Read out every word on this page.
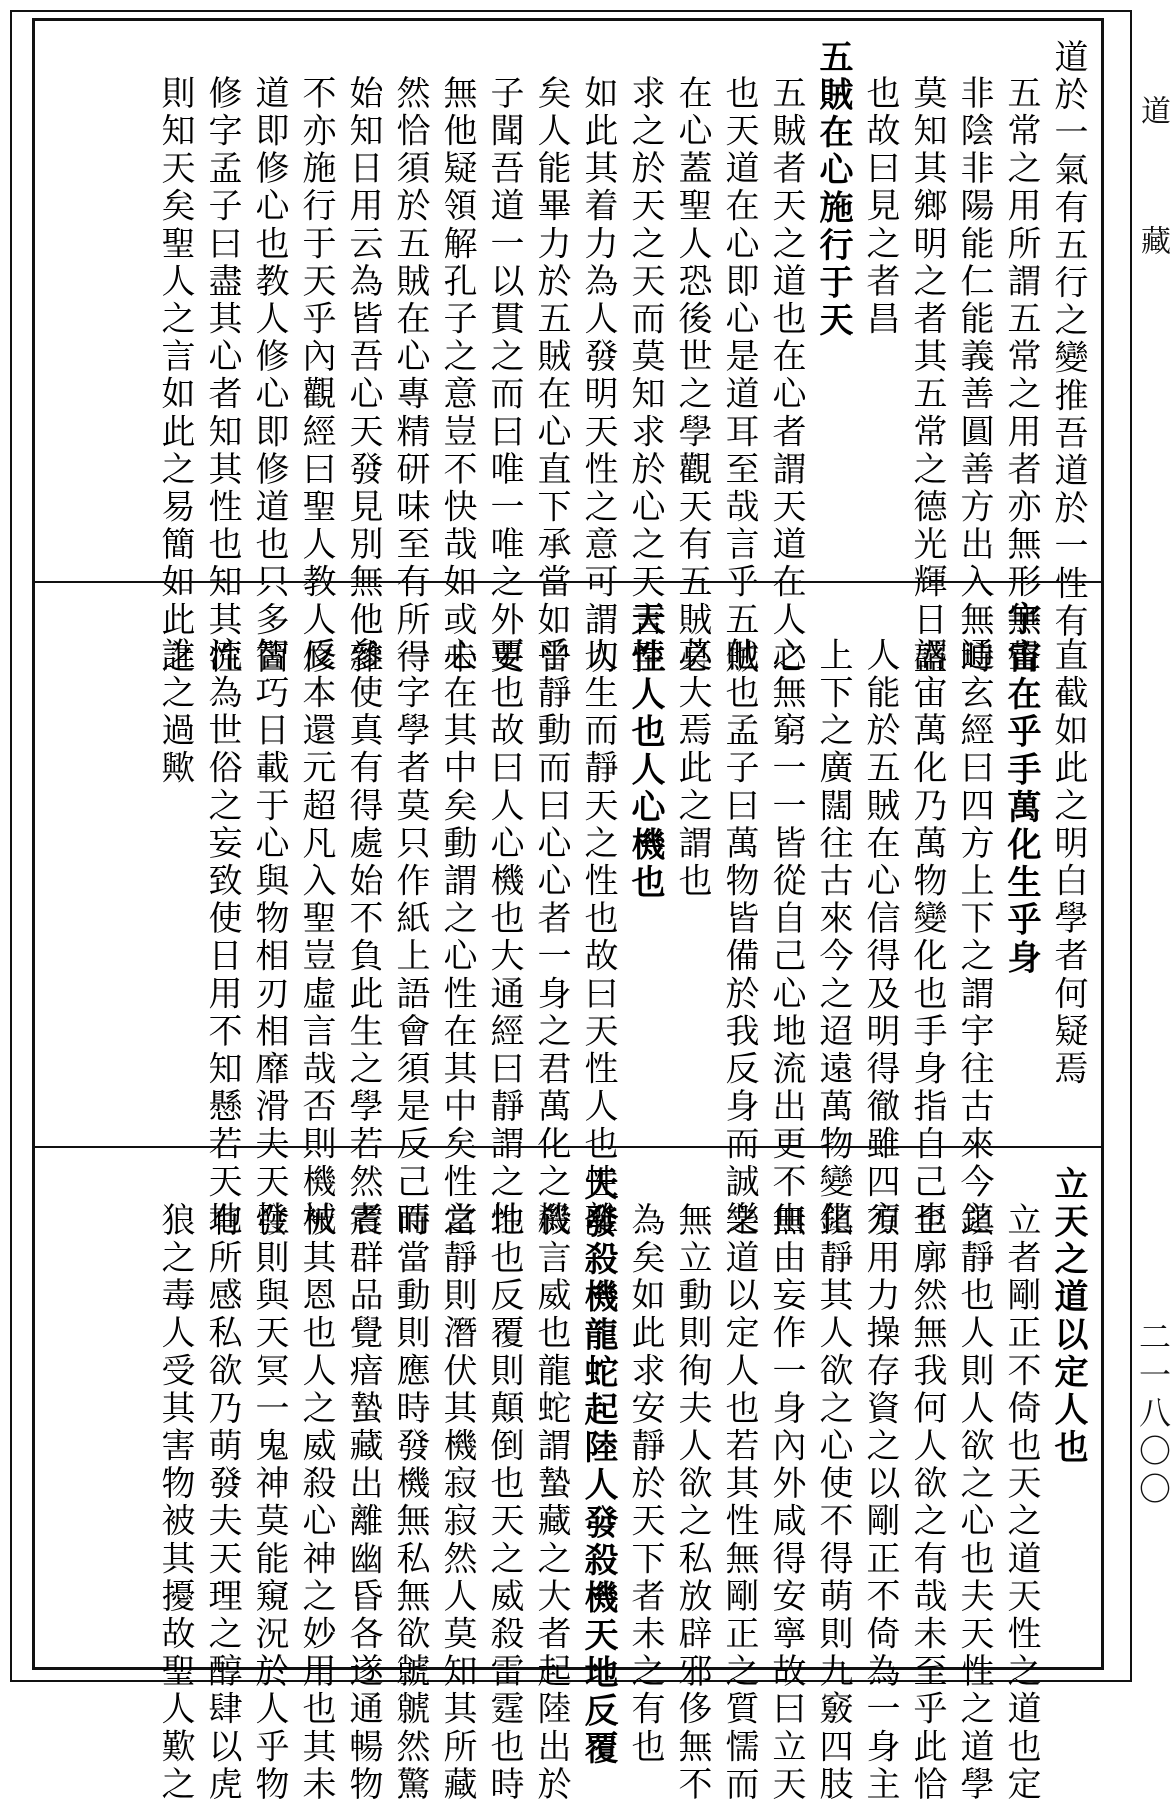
道於一氣有五行之變推吾道於一性有
五常之用所謂五常之用者亦無形無聲
非陰非陽能仁能義善圓善方出入無時
莫知其鄉明之者其五常之德光輝日盛
也故曰見之者昌
五賊在心施行于天
五賊者天之道也在心者謂天道在人心
也天道在心即心是道耳至哉言乎五賊
在心蓋聖人恐後世之學觀天有五賊必
求之於天之天而莫知求於心之天言至
如此其着力為人發明天性之意可謂切
矣人能畢力於五賊在心直下承當如曾
子聞吾道一以貫之而曰唯一唯之外更
無他疑領解孔子之意豈不快哉如或未
然恰須於五賊在心專精研味至有所得
始知日用云為皆吾心天發見別無他雜
不亦施行于天乎內觀經曰聖人教人修
道即修心也教人修心即修道也只多箇
修字孟子曰盡其心者知其性也知其性
則知天矣聖人之言如此之易簡如此之
直截如此之明白學者何疑焉
宇宙在乎手萬化生乎身
通玄經曰四方上下之謂宇往古來今之
謂宙萬化乃萬物變化也手身指自己也
人能於五賊在心信得及明得徹雖四方
上下之廣闊往古來今之迢遠萬物變化
之無窮一一皆從自己心地流出更不由
他也孟子曰萬物皆備於我反身而誠樂
莫大焉此之謂也
天性人也人心機也
人生而靜天之性也故曰天性人也性離
乎靜動而曰心心者一身之君萬化之機
要也故曰人心機也大通經曰靜謂之性
心在其中矣動謂之心性在其中矣性之
一字學者莫只作紙上語會須是反己而
參使真有得處始不負此生之學若然者
反本還元超凡入聖豈虛言哉否則機械
智巧日載于心與物相刃相靡滑夫天性
流為世俗之妄致使日用不知懸若天地
誰之過歟
立天之道以定人也
立者剛正不倚也天之道天性之道也定
鎮靜也人則人欲之心也夫天性之道學
至廓然無我何人欲之有哉未至乎此恰
須用力操存資之以剛正不倚為一身主
鎮靜其人欲之心使不得萌則九竅四肢
無由妄作一身內外咸得安寧故曰立天
之道以定人也若其性無剛正之質懦而
無立動則徇夫人欲之私放辟邪侈無不
為矣如此求安靜於天下者未之有也
天發殺機龍蛇起陸人發殺機天地反覆
殺言威也龍蛇謂蟄藏之大者起陸出於
地也反覆則顛倒也天之威殺雷霆也時
當靜則潛伏其機寂寂然人莫知其所藏
時當動則應時發機無私無欲虩虩然驚
震群品覺瘖蟄藏出離幽昏各遂通暢物
被其恩也人之威殺心神之妙用也其未
發則與天冥一鬼神莫能窺況於人乎物
有所感私欲乃萌發夫天理之醇肆以虎
狼之毒人受其害物被其擾故聖人歎之
道藏
二一八〇〇
